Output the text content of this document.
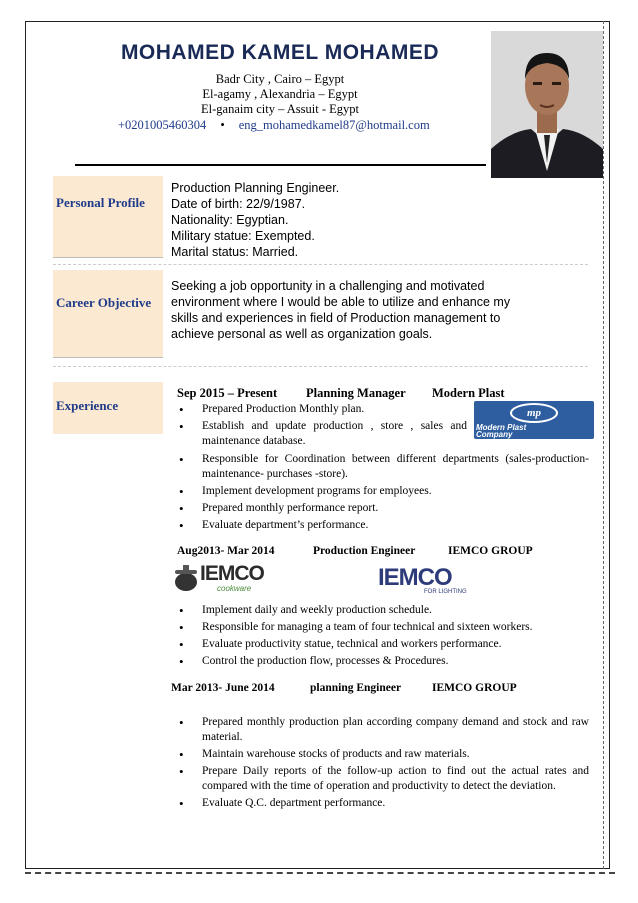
MOHAMED KAMEL MOHAMED
Badr City , Cairo – Egypt
El-agamy , Alexandria – Egypt
El-ganaim city – Assuit - Egypt
+0201005460304 • eng_mohamedkamel87@hotmail.com
Personal Profile
Production Planning Engineer.
Date of birth: 22/9/1987.
Nationality: Egyptian.
Military statue: Exempted.
Marital status: Married.
Career Objective
Seeking a job opportunity in a challenging and motivated
environment where I would be able to utilize and enhance my
skills and experiences in field of Production management to
achieve personal as well as organization goals.
Experience
Sep 2015 – Present Planning Manager Modern Plast
mp
Modern Plast Company
• Prepared Production Monthly plan.
• Establish and update production , store , sales and maintenance database.
• Responsible for Coordination between different departments (sales-production-maintenance- purchases -store).
• Implement development programs for employees.
• Prepared monthly performance report.
• Evaluate department’s performance.
Aug2013- Mar 2014	Production Engineer	IEMCO GROUP
IEMCO
cookware	IEMCO
FOR LIGHTING
• Implement daily and weekly production schedule.
• Responsible for managing a team of four technical and sixteen workers.
• Evaluate productivity statue, technical and workers performance.
• Control the production flow, processes & Procedures.
Mar 2013- June 2014	planning Engineer	IEMCO GROUP
• Prepared monthly production plan according company demand and stock and raw material.
• Maintain warehouse stocks of products and raw materials.
• Prepare Daily reports of the follow-up action to find out the actual rates and compared with the time of operation and productivity to detect the deviation.
• Evaluate Q.C. department performance.
